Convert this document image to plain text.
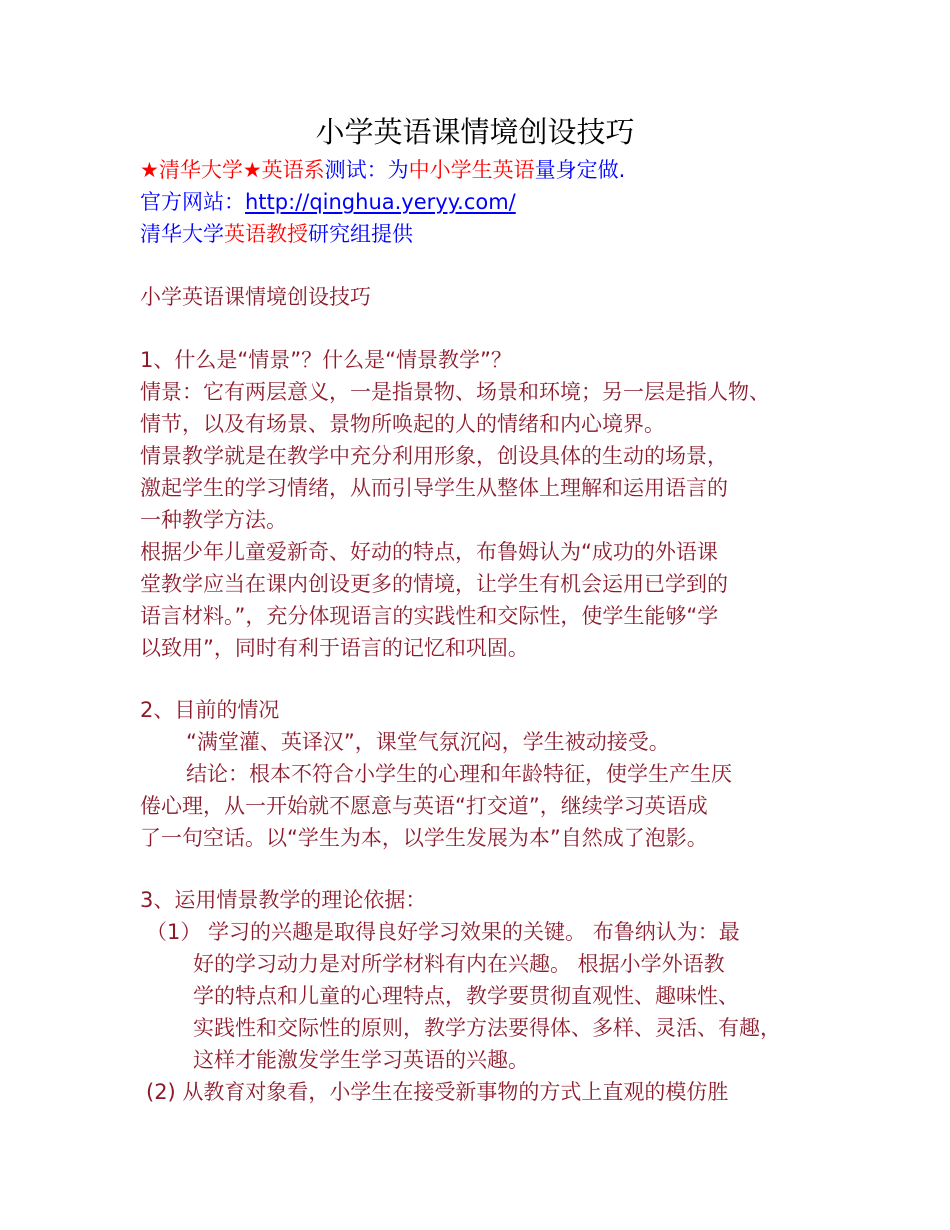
小学英语课情境创设技巧
★清华大学★英语系测试：为中小学生英语量身定做.
官方网站：http://qinghua.yeryy.com/
清华大学英语教授研究组提供
小学英语课情境创设技巧
1、什么是“情景”？什么是“情景教学”？
情景：它有两层意义，一是指景物、场景和环境；另一层是指人物、
情节，以及有场景、景物所唤起的人的情绪和内心境界。
情景教学就是在教学中充分利用形象，创设具体的生动的场景，
激起学生的学习情绪，从而引导学生从整体上理解和运用语言的
一种教学方法。
根据少年儿童爱新奇、好动的特点，布鲁姆认为“成功的外语课
堂教学应当在课内创设更多的情境，让学生有机会运用已学到的
语言材料。”，充分体现语言的实践性和交际性，使学生能够“学
以致用”，同时有利于语言的记忆和巩固。
2、目前的情况
“满堂灌、英译汉”，课堂气氛沉闷，学生被动接受。
结论：根本不符合小学生的心理和年龄特征，使学生产生厌
倦心理，从一开始就不愿意与英语“打交道”，继续学习英语成
了一句空话。以“学生为本，以学生发展为本”自然成了泡影。
3、运用情景教学的理论依据：
（1） 学习的兴趣是取得良好学习效果的关键。 布鲁纳认为：最
好的学习动力是对所学材料有内在兴趣。 根据小学外语教
学的特点和儿童的心理特点，教学要贯彻直观性、趣味性、
实践性和交际性的原则，教学方法要得体、多样、灵活、有趣，
这样才能激发学生学习英语的兴趣。
(2) 从教育对象看，小学生在接受新事物的方式上直观的模仿胜
